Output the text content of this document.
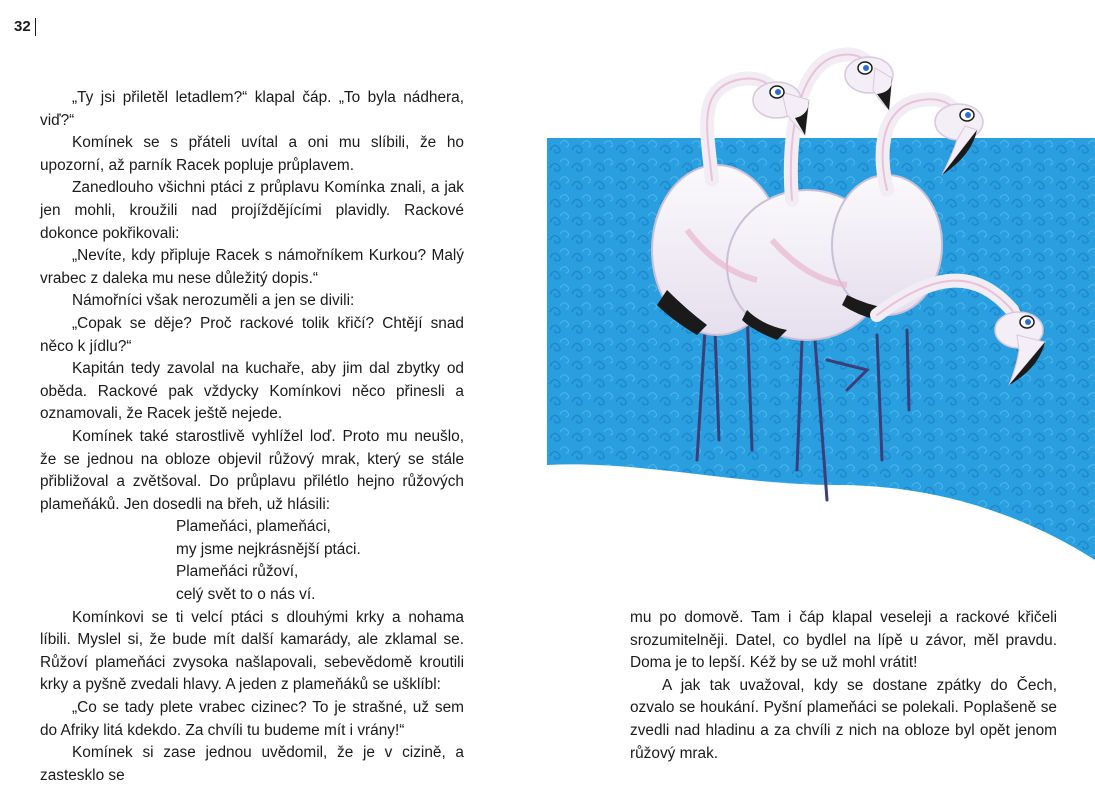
32

„Ty jsi přiletěl letadlem?“ klapal čáp. „To byla nádhera, viď?“

Komínek se s přáteli uvítal a oni mu slíbili, že ho upozorní, až parník Racek popluje průplavem.

Zanedlouho všichni ptáci z průplavu Komínka znali, a jak jen mohli, kroužili nad projíždějícími plavidly. Rackové dokonce pokřikovali:

„Nevíte, kdy připluje Racek s námořníkem Kurkou? Malý vrabec z daleka mu nese důležitý dopis.“

Námořníci však nerozuměli a jen se divili:

„Copak se děje? Proč rackové tolik křičí? Chtějí snad něco k jídlu?“

Kapitán tedy zavolal na kuchaře, aby jim dal zbytky od oběda. Rackové pak vždycky Komínkovi něco přinesli a oznamovali, že Racek ještě nejede.

Komínek také starostlivě vyhlížel loď. Proto mu neušlo, že se jednou na obloze objevil růžový mrak, který se stále přibližoval a zvětšoval. Do průplavu přilétlo hejno růžových plameňáků. Jen dosedli na břeh, už hlásili:

Plameňáci, plameňáci,
my jsme nejkrásnější ptáci.
Plameňáci růžoví,
celý svět to o nás ví.

Komínkovi se ti velcí ptáci s dlouhými krky a nohama líbili. Myslel si, že bude mít další kamarády, ale zklamal se. Růžoví plameňáci zvysoka našlapovali, sebevědomě kroutili krky a pyšně zvedali hlavy. A jeden z plameňáků se ušklíbl:

„Co se tady plete vrabec cizinec? To je strašné, už sem do Afriky litá kdekdo. Za chvíli tu budeme mít i vrány!“

Komínek si zase jednou uvědomil, že je v cizině, a zastesklo se

mu po domově. Tam i čáp klapal veseleji a rackové křičeli srozumitelněji. Datel, co bydlel na lípě u závor, měl pravdu. Doma je to lepší. Kéž by se už mohl vrátit!

A jak tak uvažoval, kdy se dostane zpátky do Čech, ozvalo se houkání. Pyšní plameňáci se polekali. Poplašeně se zvedli nad hladinu a za chvíli z nich na obloze byl opět jenom růžový mrak.
